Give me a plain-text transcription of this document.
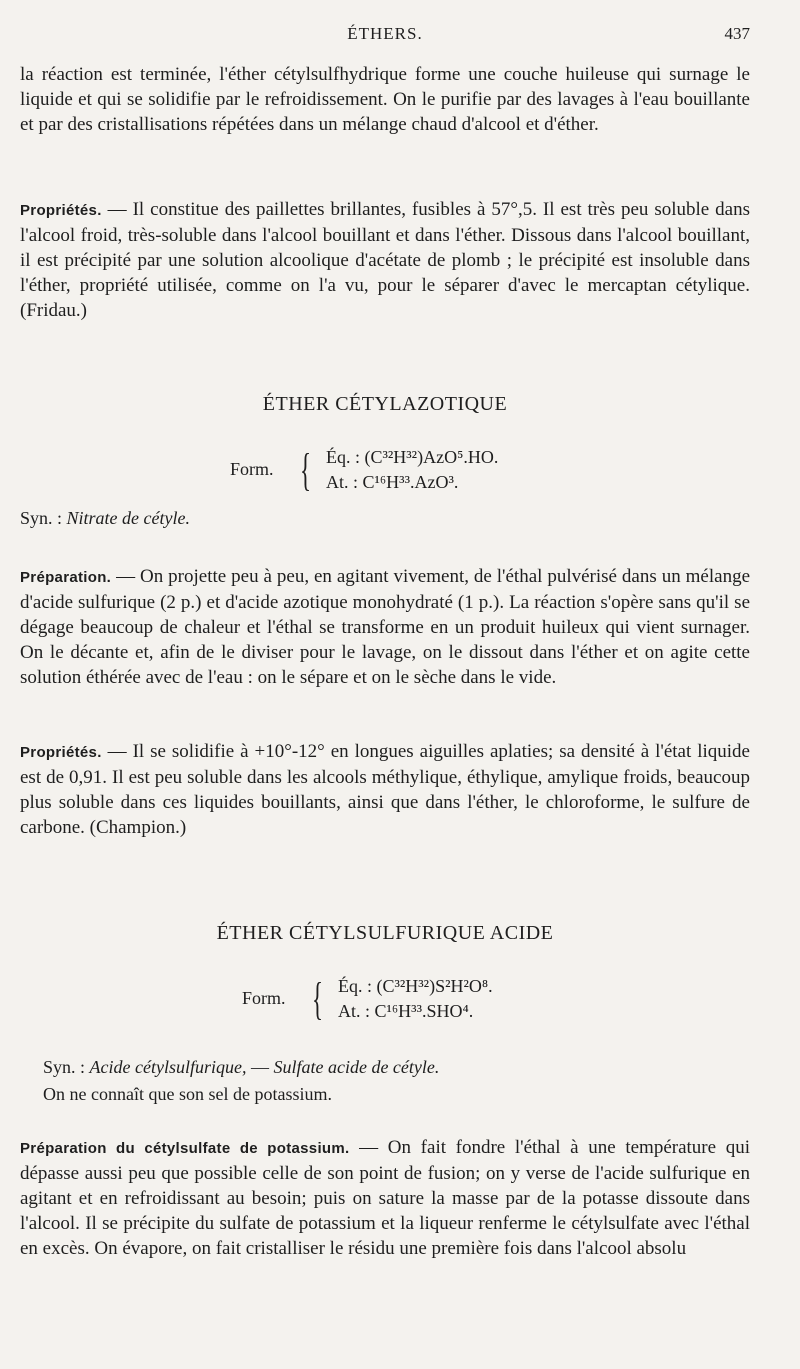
ÉTHERS.	437

la réaction est terminée, l'éther cétylsulfhydrique forme une couche huileuse qui surnage le liquide et qui se solidifie par le refroidissement. On le purifie par des lavages à l'eau bouillante et par des cristallisations répétées dans un mélange chaud d'alcool et d'éther.

Propriétés. — Il constitue des paillettes brillantes, fusibles à 57°,5. Il est très peu soluble dans l'alcool froid, très-soluble dans l'alcool bouillant et dans l'éther. Dissous dans l'alcool bouillant, il est précipité par une solution alcoolique d'acétate de plomb ; le précipité est insoluble dans l'éther, propriété utilisée, comme on l'a vu, pour le séparer d'avec le mercaptan cétylique. (Fridau.)

ÉTHER CÉTYLAZOTIQUE
Form. { Éq. : (C³²H³²)AzO⁵.HO.
At. : C¹⁶H³³.AzO³.
Syn. : Nitrate de cétyle.

Préparation. — On projette peu à peu, en agitant vivement, de l'éthal pulvérisé dans un mélange d'acide sulfurique (2 p.) et d'acide azotique monohydraté (1 p.). La réaction s'opère sans qu'il se dégage beaucoup de chaleur et l'éthal se transforme en un produit huileux qui vient surnager. On le décante et, afin de le diviser pour le lavage, on le dissout dans l'éther et on agite cette solution éthérée avec de l'eau : on le sépare et on le sèche dans le vide.

Propriétés. — Il se solidifie à +10°-12° en longues aiguilles aplaties; sa densité à l'état liquide est de 0,91. Il est peu soluble dans les alcools méthylique, éthylique, amylique froids, beaucoup plus soluble dans ces liquides bouillants, ainsi que dans l'éther, le chloroforme, le sulfure de carbone. (Champion.)

ÉTHER CÉTYLSULFURIQUE ACIDE
Form. { Éq. : (C³²H³²)S²H²O⁸.
At. : C¹⁶H³³.SHO⁴.
Syn. : Acide cétylsulfurique, — Sulfate acide de cétyle.
On ne connaît que son sel de potassium.

Préparation du cétylsulfate de potassium. — On fait fondre l'éthal à une température qui dépasse aussi peu que possible celle de son point de fusion; on y verse de l'acide sulfurique en agitant et en refroidissant au besoin; puis on sature la masse par de la potasse dissoute dans l'alcool. Il se précipite du sulfate de potassium et la liqueur renferme le cétylsulfate avec l'éthal en excès. On évapore, on fait cristalliser le résidu une première fois dans l'alcool absolu
